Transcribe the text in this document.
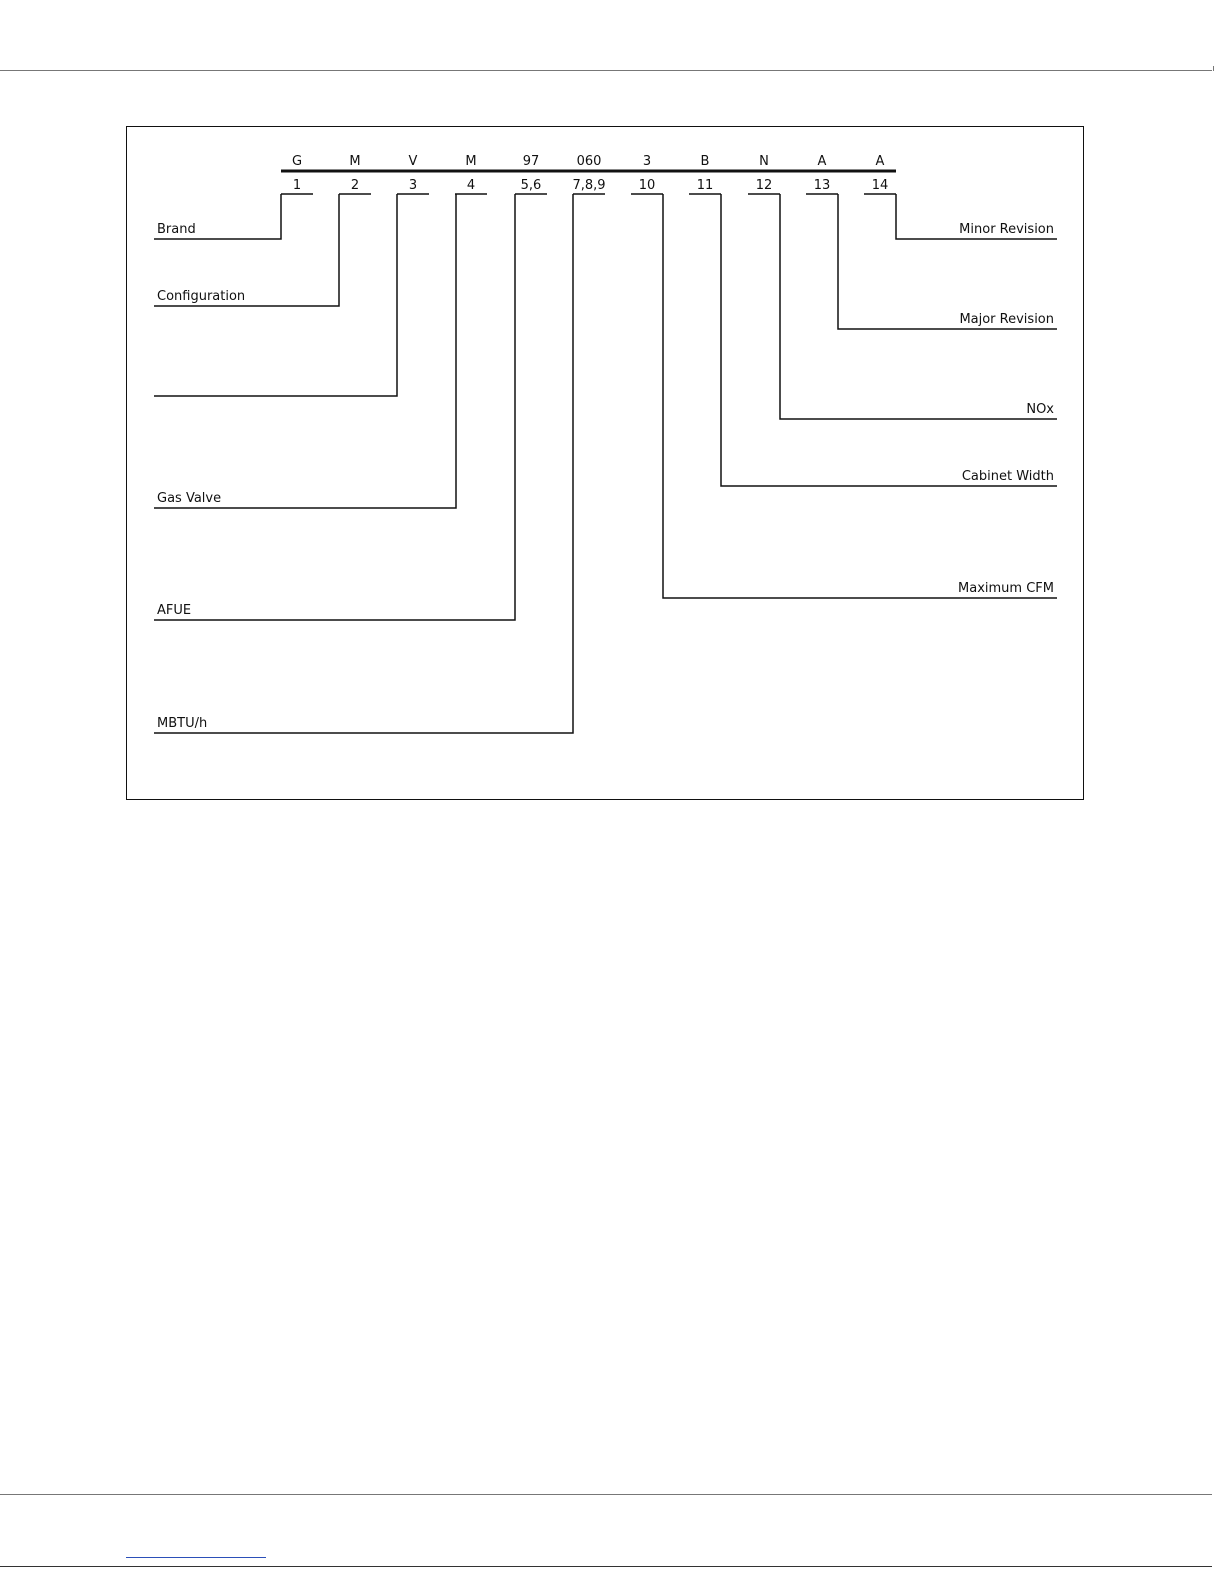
G
1
M
2
V
3
M
4
97
5,6
060
7,8,9
3
10
B
11
N
12
A
13
A
14
Brand
Configuration
Gas Valve
AFUE
MBTU/h
Minor Revision
Major Revision
NOx
Cabinet Width
Maximum CFM
